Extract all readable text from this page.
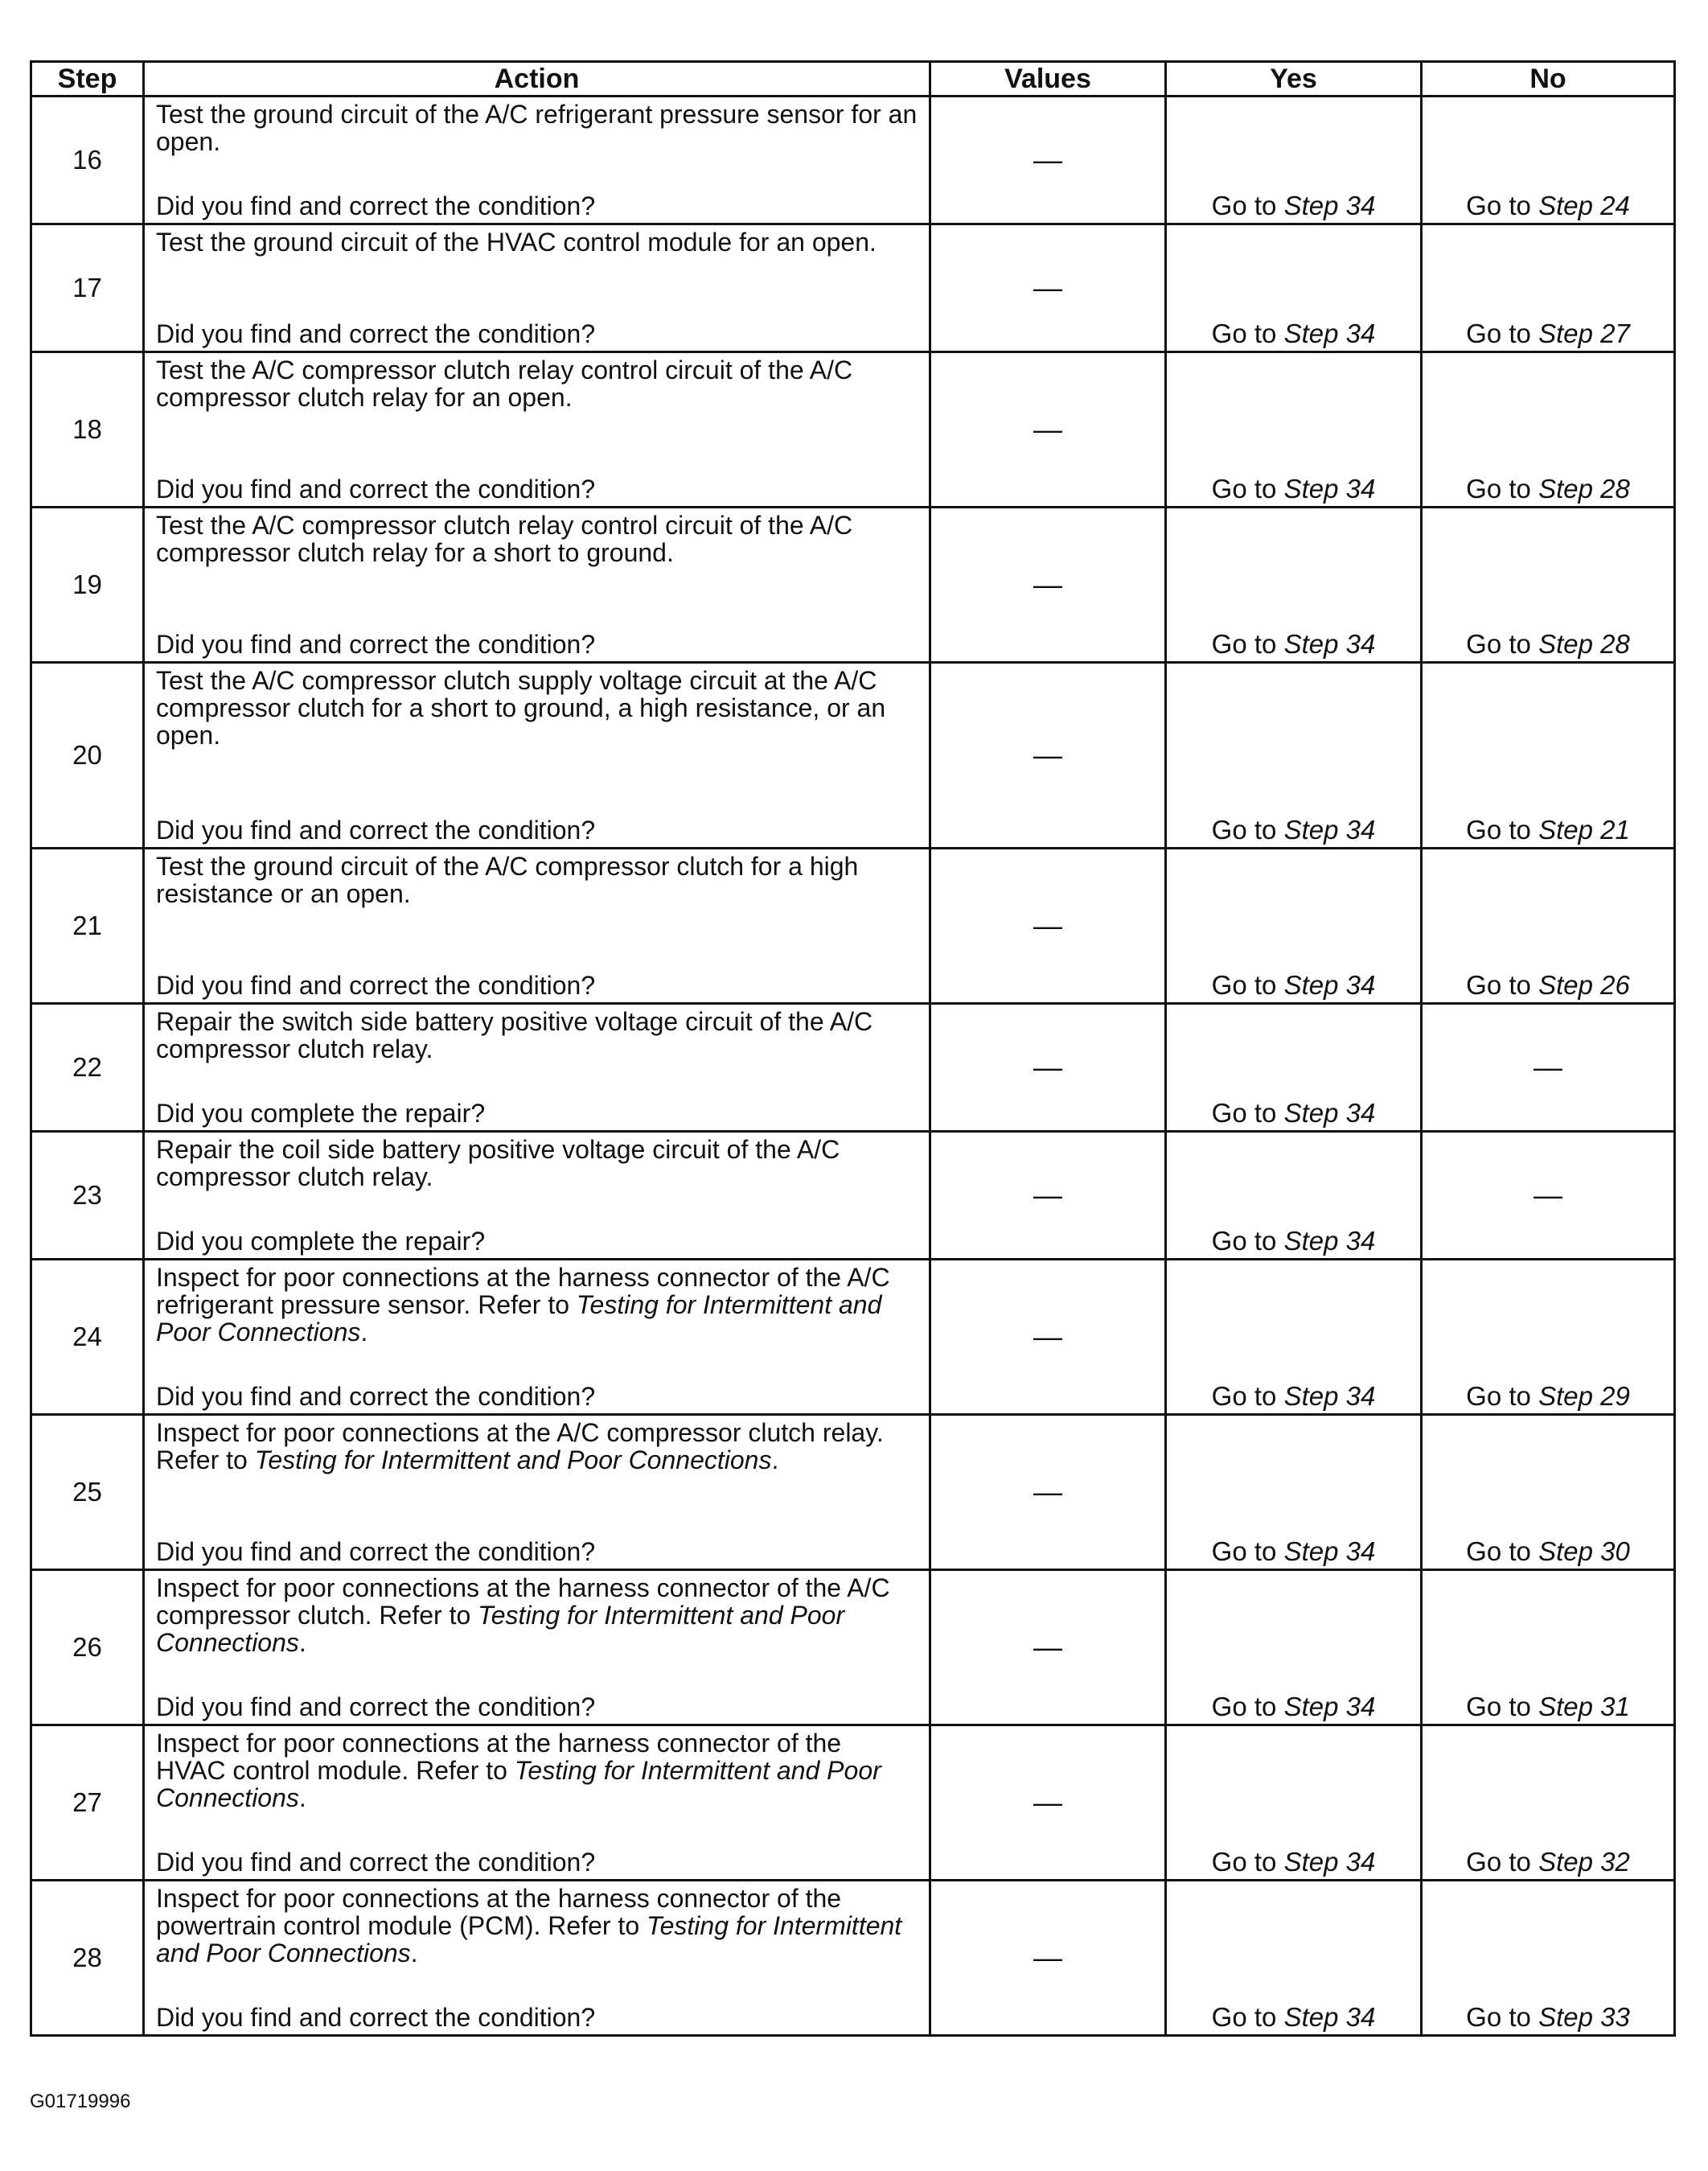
Step	Action	Values	Yes	No
16	Test the ground circuit of the A/C refrigerant pressure sensor for an open.
Did you find and correct the condition?	—	Go to Step 34	Go to Step 24

17	Test the ground circuit of the HVAC control module for an open.
Did you find and correct the condition?	—	Go to Step 34	Go to Step 27

18	Test the A/C compressor clutch relay control circuit of the A/C compressor clutch relay for an open.
Did you find and correct the condition?	—	Go to Step 34	Go to Step 28

19	Test the A/C compressor clutch relay control circuit of the A/C compressor clutch relay for a short to ground.
Did you find and correct the condition?	—	Go to Step 34	Go to Step 28

20	Test the A/C compressor clutch supply voltage circuit at the A/C compressor clutch for a short to ground, a high resistance, or an open.
Did you find and correct the condition?	—	Go to Step 34	Go to Step 21

21	Test the ground circuit of the A/C compressor clutch for a high resistance or an open.
Did you find and correct the condition?	—	Go to Step 34	Go to Step 26

22	Repair the switch side battery positive voltage circuit of the A/C compressor clutch relay.
Did you complete the repair?	—	Go to Step 34	—
23	Repair the coil side battery positive voltage circuit of the A/C compressor clutch relay.
Did you complete the repair?	—	Go to Step 34	—
24	Inspect for poor connections at the harness connector of the A/C refrigerant pressure sensor. Refer to Testing for Intermittent and Poor Connections.
Did you find and correct the condition?	—	Go to Step 34	Go to Step 29

25	Inspect for poor connections at the A/C compressor clutch relay. Refer to Testing for Intermittent and Poor Connections.
Did you find and correct the condition?	—	Go to Step 34	Go to Step 30

26	Inspect for poor connections at the harness connector of the A/C compressor clutch. Refer to Testing for Intermittent and Poor Connections.
Did you find and correct the condition?	—	Go to Step 34	Go to Step 31

27	Inspect for poor connections at the harness connector of the HVAC control module. Refer to Testing for Intermittent and Poor Connections.
Did you find and correct the condition?	—	Go to Step 34	Go to Step 32

28	Inspect for poor connections at the harness connector of the powertrain control module (PCM). Refer to Testing for Intermittent and Poor Connections.
Did you find and correct the condition?	—	Go to Step 34	Go to Step 33
G01719996
